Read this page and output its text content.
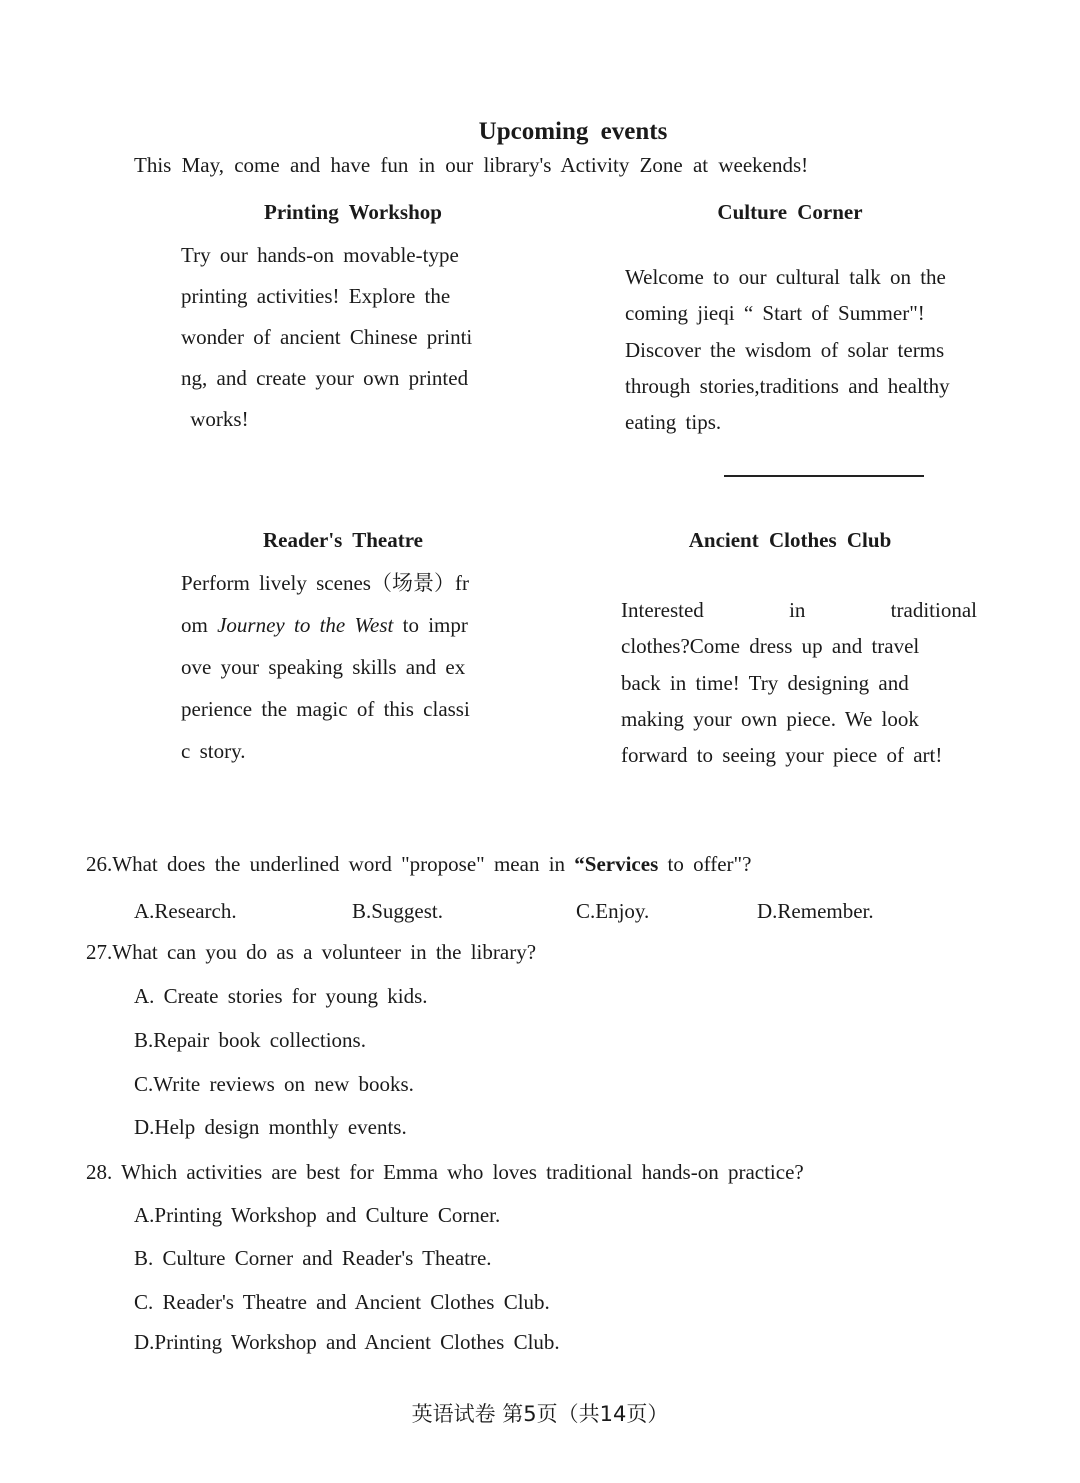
Upcoming events
This May, come and have fun in our library's Activity Zone at weekends!
Printing Workshop
Try our hands-on movable-type
printing activities! Explore the
wonder of ancient Chinese printi
ng, and create your own printed
works!
Culture Corner
Welcome to our cultural talk on the
coming jieqi “ Start of Summer"!
Discover the wisdom of solar terms
through stories,traditions and healthy
eating tips.
Reader's Theatre
Perform lively scenes（场景）fr
om Journey to the West to impr
ove your speaking skills and ex
perience the magic of this classi
c story.
Ancient Clothes Club
Interested in traditional
clothes?Come dress up and travel
back in time! Try designing and
making your own piece. We look
forward to seeing your piece of art!
26.What does the underlined word "propose" mean in “Services to offer"?
A.Research.	B.Suggest.	C.Enjoy.	D.Remember.
27.What can you do as a volunteer in the library?
A. Create stories for young kids.
B.Repair book collections.
C.Write reviews on new books.
D.Help design monthly events.
28. Which activities are best for Emma who loves traditional hands-on practice?
A.Printing Workshop and Culture Corner.
B. Culture Corner and Reader's Theatre.
C. Reader's Theatre and Ancient Clothes Club.
D.Printing Workshop and Ancient Clothes Club.
英语试卷 第5页（共14页）
